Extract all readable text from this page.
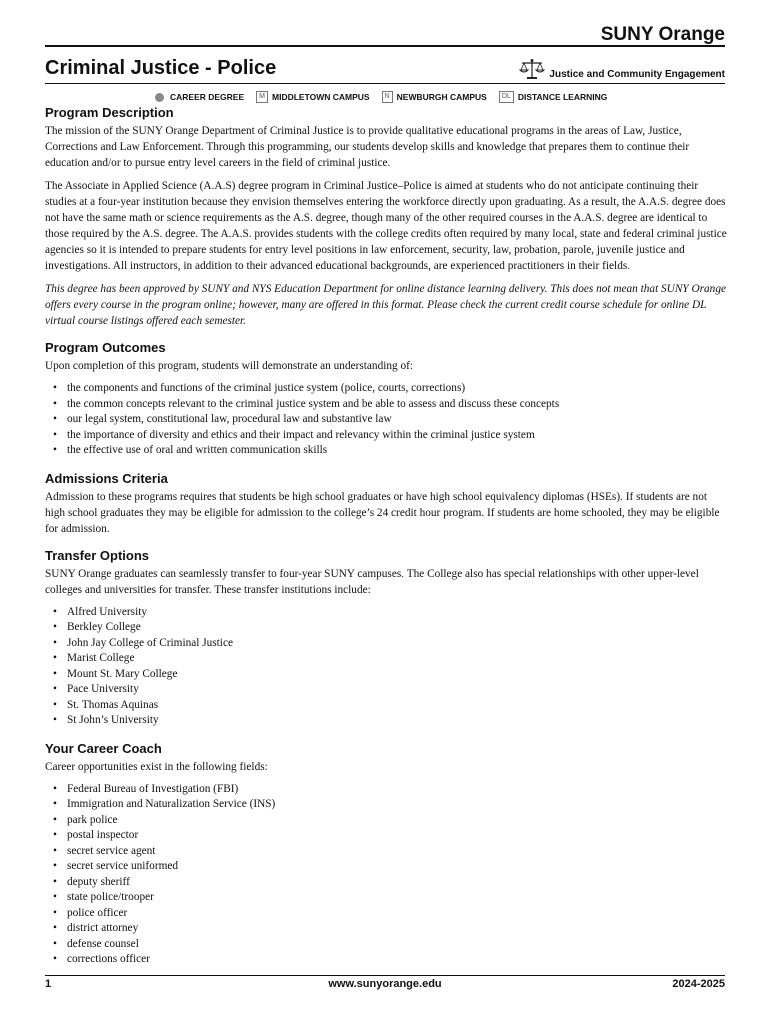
SUNY Orange
Criminal Justice - Police	Justice and Community Engagement
CAREER DEGREE	M MIDDLETOWN CAMPUS	N NEWBURGH CAMPUS	DL DISTANCE LEARNING
Program Description

The mission of the SUNY Orange Department of Criminal Justice is to provide qualitative educational programs in the areas of Law, Justice, Corrections and Law Enforcement. Through this programming, our students develop skills and knowledge that prepares them to continue their education and/or to pursue entry level careers in the field of criminal justice.

The Associate in Applied Science (A.A.S) degree program in Criminal Justice–Police is aimed at students who do not anticipate continuing their studies at a four-year institution because they envision themselves entering the workforce directly upon graduating. As a result, the A.A.S. degree does not have the same math or science requirements as the A.S. degree, though many of the other required courses in the A.A.S. degree are identical to those required by the A.S. degree. The A.A.S. provides students with the college credits often required by many local, state and federal criminal justice agencies so it is intended to prepare students for entry level positions in law enforcement, security, law, probation, parole, juvenile justice and investigations. All instructors, in addition to their advanced educational backgrounds, are experienced practitioners in their fields.

This degree has been approved by SUNY and NYS Education Department for online distance learning delivery. This does not mean that SUNY Orange offers every course in the program online; however, many are offered in this format. Please check the current credit course schedule for online DL virtual course listings offered each semester.

Program Outcomes

Upon completion of this program, students will demonstrate an understanding of:

• the components and functions of the criminal justice system (police, courts, corrections)
• the common concepts relevant to the criminal justice system and be able to assess and discuss these concepts
• our legal system, constitutional law, procedural law and substantive law
• the importance of diversity and ethics and their impact and relevancy within the criminal justice system
• the effective use of oral and written communication skills
Admissions Criteria

Admission to these programs requires that students be high school graduates or have high school equivalency diplomas (HSEs). If students are not high school graduates they may be eligible for admission to the college’s 24 credit hour program. If students are home schooled, they may be eligible for admission.

Transfer Options

SUNY Orange graduates can seamlessly transfer to four-year SUNY campuses. The College also has special relationships with other upper-level colleges and universities for transfer. These transfer institutions include:

• Alfred University
• Berkley College
• John Jay College of Criminal Justice
• Marist College
• Mount St. Mary College
• Pace University
• St. Thomas Aquinas
• St John’s University
Your Career Coach

Career opportunities exist in the following fields:

• Federal Bureau of Investigation (FBI)
• Immigration and Naturalization Service (INS)
• park police
• postal inspector
• secret service agent
• secret service uniformed
• deputy sheriff
• state police/trooper
• police officer
• district attorney
• defense counsel
• corrections officer
1	www.sunyorange.edu	2024-2025
